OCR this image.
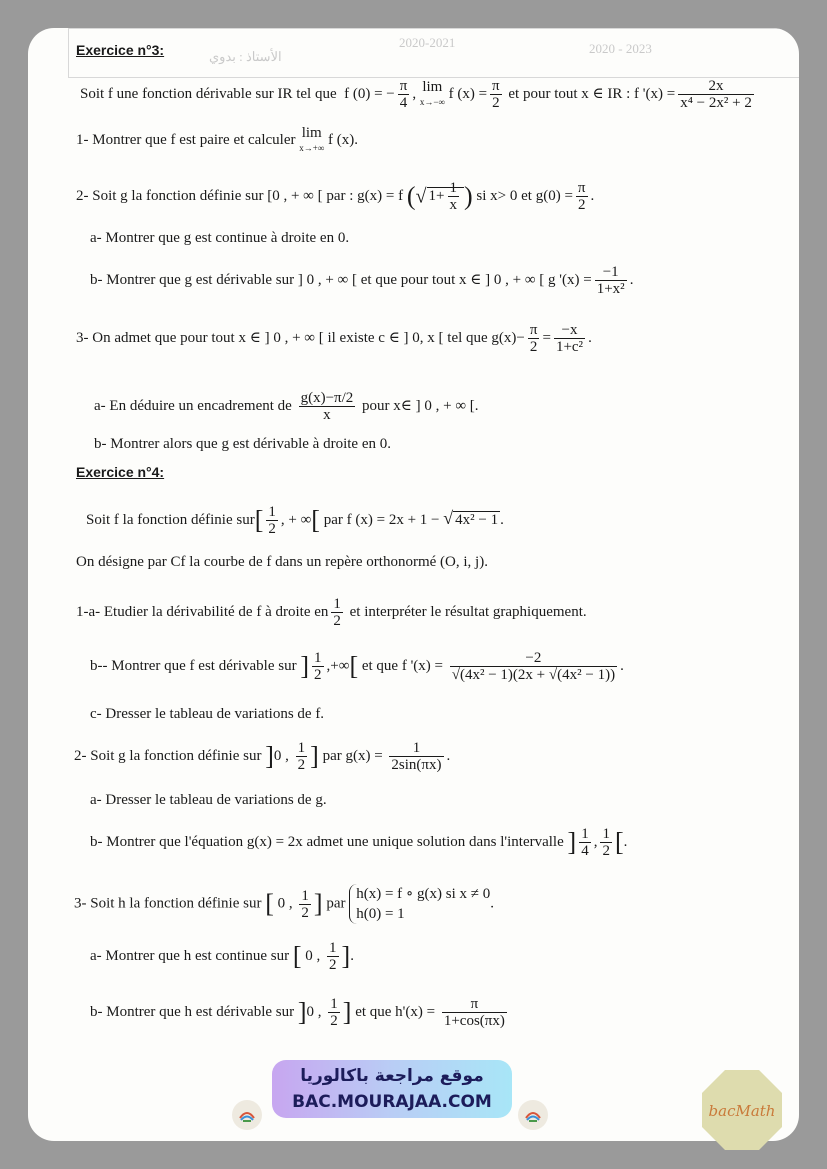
2020 - 2023
2020-2021
الأستاذ : بدوي
Exercice n°3:
Soit f une fonction dérivable sur IR tel que f (0) = − $\frac{\pi}{4}$ , lim
x→−∞ f $(x) = \frac{\pi}{2}$ et pour tout x ∈ IR : f '$(x) = \frac{2x}{\text{x⁴ − 2x² + 2}}$
1- Montrer que f est paire et calculer lim
x→+∞ f (x).
2- Soit g la fonction définie sur [0 , + ∞ [ par : g(x) = f (√ $1+ \frac{1}{x}$ ) si x> 0 et $g(0) = \frac{\pi}{2}$ .
a- Montrer que g est continue à droite en 0.
b- Montrer que g est dérivable sur ] 0 , + ∞ [ et que pour tout x ∈ ] 0 , + ∞ [ g '$(x) = \frac{-1}{\text{1+x²}}$ .
3- On admet que pour tout x ∈ ] 0 , + ∞ [ il existe c ∈ ] 0, x [ tel que $g(x)- \frac{\pi}{2} = \frac{-x}{\text{1+c²}}$ .
a- En déduire un encadrement de $\frac{g(x)-\pi/2}{x}$ pour x∈ ] 0 , + ∞ [.
b- Montrer alors que g est dérivable à droite en 0.
Exercice n°4:
Soit f la fonction définie $sur[ \frac{1}{2}$ , + ∞[ par f (x) = 2x + 1 − √ 4x² − 1 .
On désigne par Cf la courbe de f dans un repère orthonormé (O, i, j).
1-a- Etudier la dérivabilité de f à droite en $\frac{1}{2}$ et interpréter le résultat graphiquement.
b-- Montrer que f est dérivable sur ] $\frac{1}{2}$ ,+∞[ et que f '$(x) = \frac{-2}{\text{√(4x² − 1)(2x + √(4x² − 1))}}$ .
c- Dresser le tableau de variations de f.
2- Soit g la fonction définie sur ]0 , $\frac{1}{2}$ ] par $g(x) = \frac{1}{2\sin(\pi x)}$ .
a- Dresser le tableau de variations de g.
b- Montrer que l'équation g(x) = 2x admet une unique solution dans l'intervalle ] $\frac{1}{4}$ , $\frac{1}{2}$ [.
3- Soit h la fonction définie sur [ 0 , $\frac{1}{2}$ ] par h(x) = f ∘ g(x) si x ≠ 0
h(0) = 1.
a- Montrer que h est continue sur [ 0 , $\frac{1}{2}$ ].
b- Montrer que h est dérivable sur ]0 , $\frac{1}{2}$ ] et que $h'(x) = \frac{\pi}{1+\cos(\pi x)}$
موقع مراجعة باكالوريا
BAC.MOURAJAA.COM	bacMath
